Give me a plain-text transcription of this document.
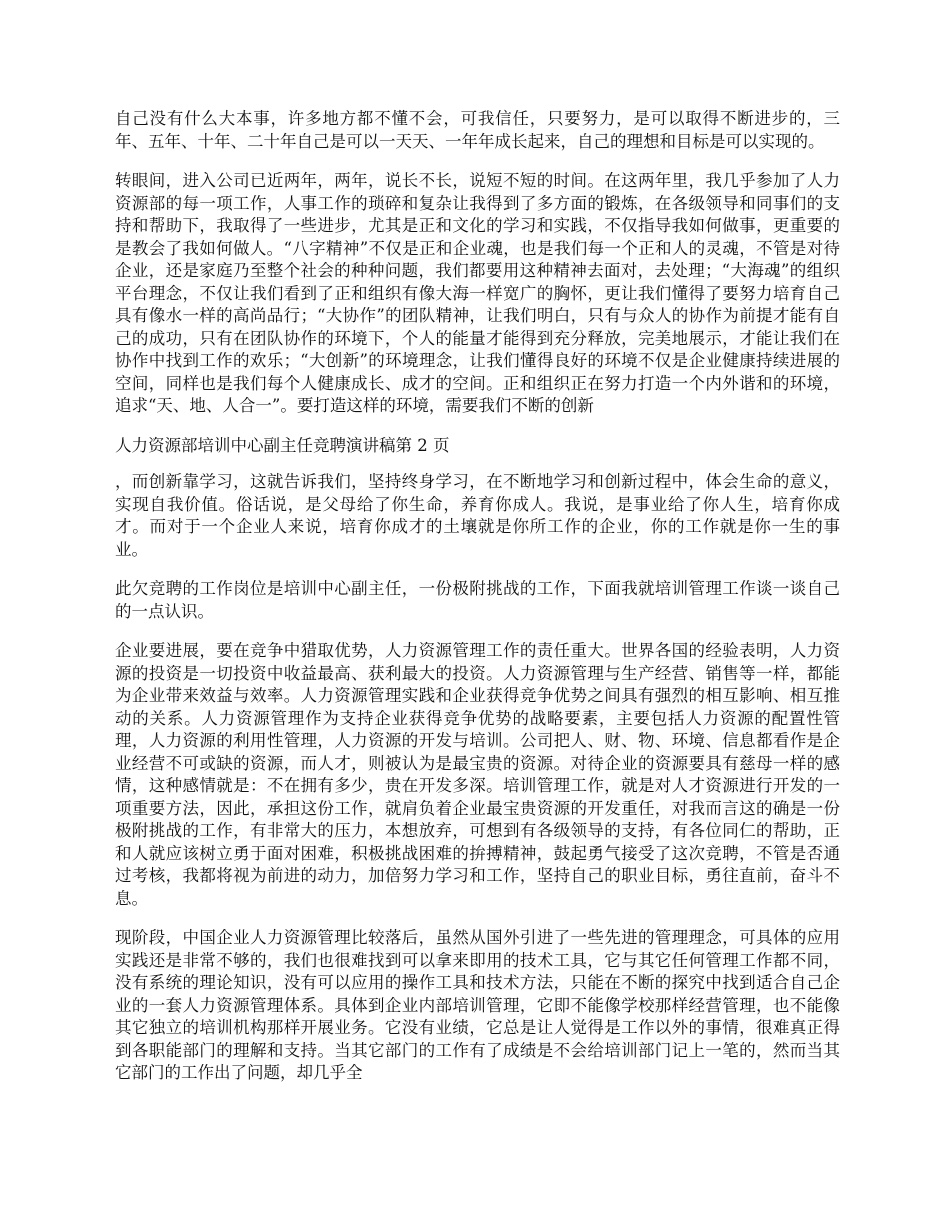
自己没有什么大本事，许多地方都不懂不会，可我信任，只要努力，是可以取得不断进步的，三年、五年、十年、二十年自己是可以一天天、一年年成长起来，自己的理想和目标是可以实现的。

转眼间，进入公司已近两年，两年，说长不长，说短不短的时间。在这两年里，我几乎参加了人力资源部的每一项工作，人事工作的琐碎和复杂让我得到了多方面的锻炼，在各级领导和同事们的支持和帮助下，我取得了一些进步，尤其是正和文化的学习和实践，不仅指导我如何做事，更重要的是教会了我如何做人。“八字精神”不仅是正和企业魂，也是我们每一个正和人的灵魂，不管是对待企业，还是家庭乃至整个社会的种种问题，我们都要用这种精神去面对，去处理；“大海魂”的组织平台理念，不仅让我们看到了正和组织有像大海一样宽广的胸怀，更让我们懂得了要努力培育自己具有像水一样的高尚品行；“大协作”的团队精神，让我们明白，只有与众人的协作为前提才能有自己的成功，只有在团队协作的环境下，个人的能量才能得到充分释放，完美地展示，才能让我们在协作中找到工作的欢乐；“大创新”的环境理念，让我们懂得良好的环境不仅是企业健康持续进展的空间，同样也是我们每个人健康成长、成才的空间。正和组织正在努力打造一个内外谐和的环境，追求“天、地、人合一”。要打造这样的环境，需要我们不断的创新

人力资源部培训中心副主任竞聘演讲稿第 2 页

，而创新靠学习，这就告诉我们，坚持终身学习，在不断地学习和创新过程中，体会生命的意义，实现自我价值。俗话说，是父母给了你生命，养育你成人。我说，是事业给了你人生，培育你成才。而对于一个企业人来说，培育你成才的土壤就是你所工作的企业，你的工作就是你一生的事业。

此欠竞聘的工作岗位是培训中心副主任，一份极附挑战的工作，下面我就培训管理工作谈一谈自己的一点认识。

企业要进展，要在竞争中猎取优势，人力资源管理工作的责任重大。世界各国的经验表明，人力资源的投资是一切投资中收益最高、获利最大的投资。人力资源管理与生产经营、销售等一样，都能为企业带来效益与效率。人力资源管理实践和企业获得竞争优势之间具有强烈的相互影响、相互推动的关系。人力资源管理作为支持企业获得竞争优势的战略要素，主要包括人力资源的配置性管理，人力资源的利用性管理，人力资源的开发与培训。公司把人、财、物、环境、信息都看作是企业经营不可或缺的资源，而人才，则被认为是最宝贵的资源。对待企业的资源要具有慈母一样的感情，这种感情就是：不在拥有多少，贵在开发多深。培训管理工作，就是对人才资源进行开发的一项重要方法，因此，承担这份工作，就肩负着企业最宝贵资源的开发重任，对我而言这的确是一份极附挑战的工作，有非常大的压力，本想放弃，可想到有各级领导的支持，有各位同仁的帮助，正和人就应该树立勇于面对困难，积极挑战困难的拚搏精神，鼓起勇气接受了这次竞聘，不管是否通过考核，我都将视为前进的动力，加倍努力学习和工作，坚持自己的职业目标，勇往直前，奋斗不息。

现阶段，中国企业人力资源管理比较落后，虽然从国外引进了一些先进的管理理念，可具体的应用实践还是非常不够的，我们也很难找到可以拿来即用的技术工具，它与其它任何管理工作都不同，没有系统的理论知识，没有可以应用的操作工具和技术方法，只能在不断的探究中找到适合自己企业的一套人力资源管理体系。具体到企业内部培训管理，它即不能像学校那样经营管理，也不能像其它独立的培训机构那样开展业务。它没有业绩，它总是让人觉得是工作以外的事情，很难真正得到各职能部门的理解和支持。当其它部门的工作有了成绩是不会给培训部门记上一笔的，然而当其它部门的工作出了问题，却几乎全
